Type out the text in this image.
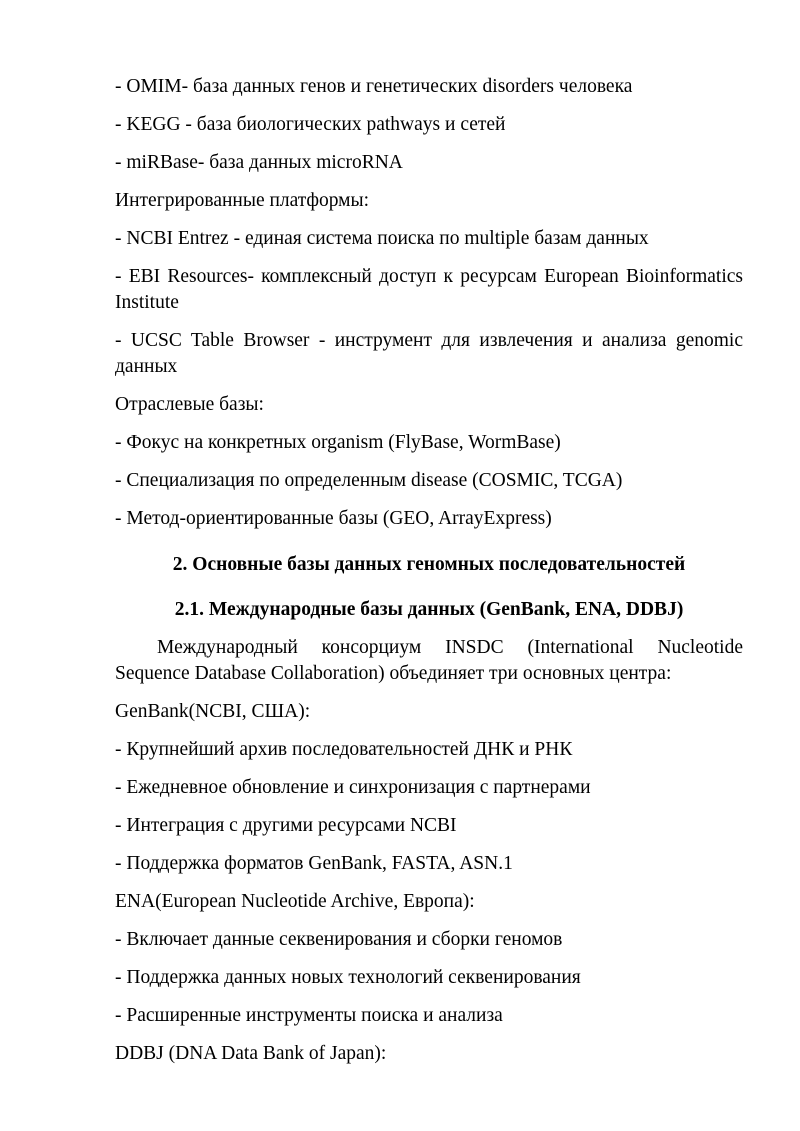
- OMIM- база данных генов и генетических disorders человека

- KEGG - база биологических pathways и сетей

- miRBase- база данных microRNA

Интегрированные платформы:

- NCBI Entrez - единая система поиска по multiple базам данных

- EBI Resources- комплексный доступ к ресурсам European Bioinformatics Institute

- UCSC Table Browser - инструмент для извлечения и анализа genomic данных

Отраслевые базы:

- Фокус на конкретных organism (FlyBase, WormBase)

- Специализация по определенным disease (COSMIC, TCGA)

- Метод-ориентированные базы (GEO, ArrayExpress)

2. Основные базы данных геномных последовательностей

2.1. Международные базы данных (GenBank, ENA, DDBJ)

Международный консорциум INSDC (International Nucleotide Sequence Database Collaboration) объединяет три основных центра:

GenBank(NCBI, США):

- Крупнейший архив последовательностей ДНК и РНК

- Ежедневное обновление и синхронизация с партнерами

- Интеграция с другими ресурсами NCBI

- Поддержка форматов GenBank, FASTA, ASN.1

ENA(European Nucleotide Archive, Европа):

- Включает данные секвенирования и сборки геномов

- Поддержка данных новых технологий секвенирования

- Расширенные инструменты поиска и анализа

DDBJ (DNA Data Bank of Japan):
